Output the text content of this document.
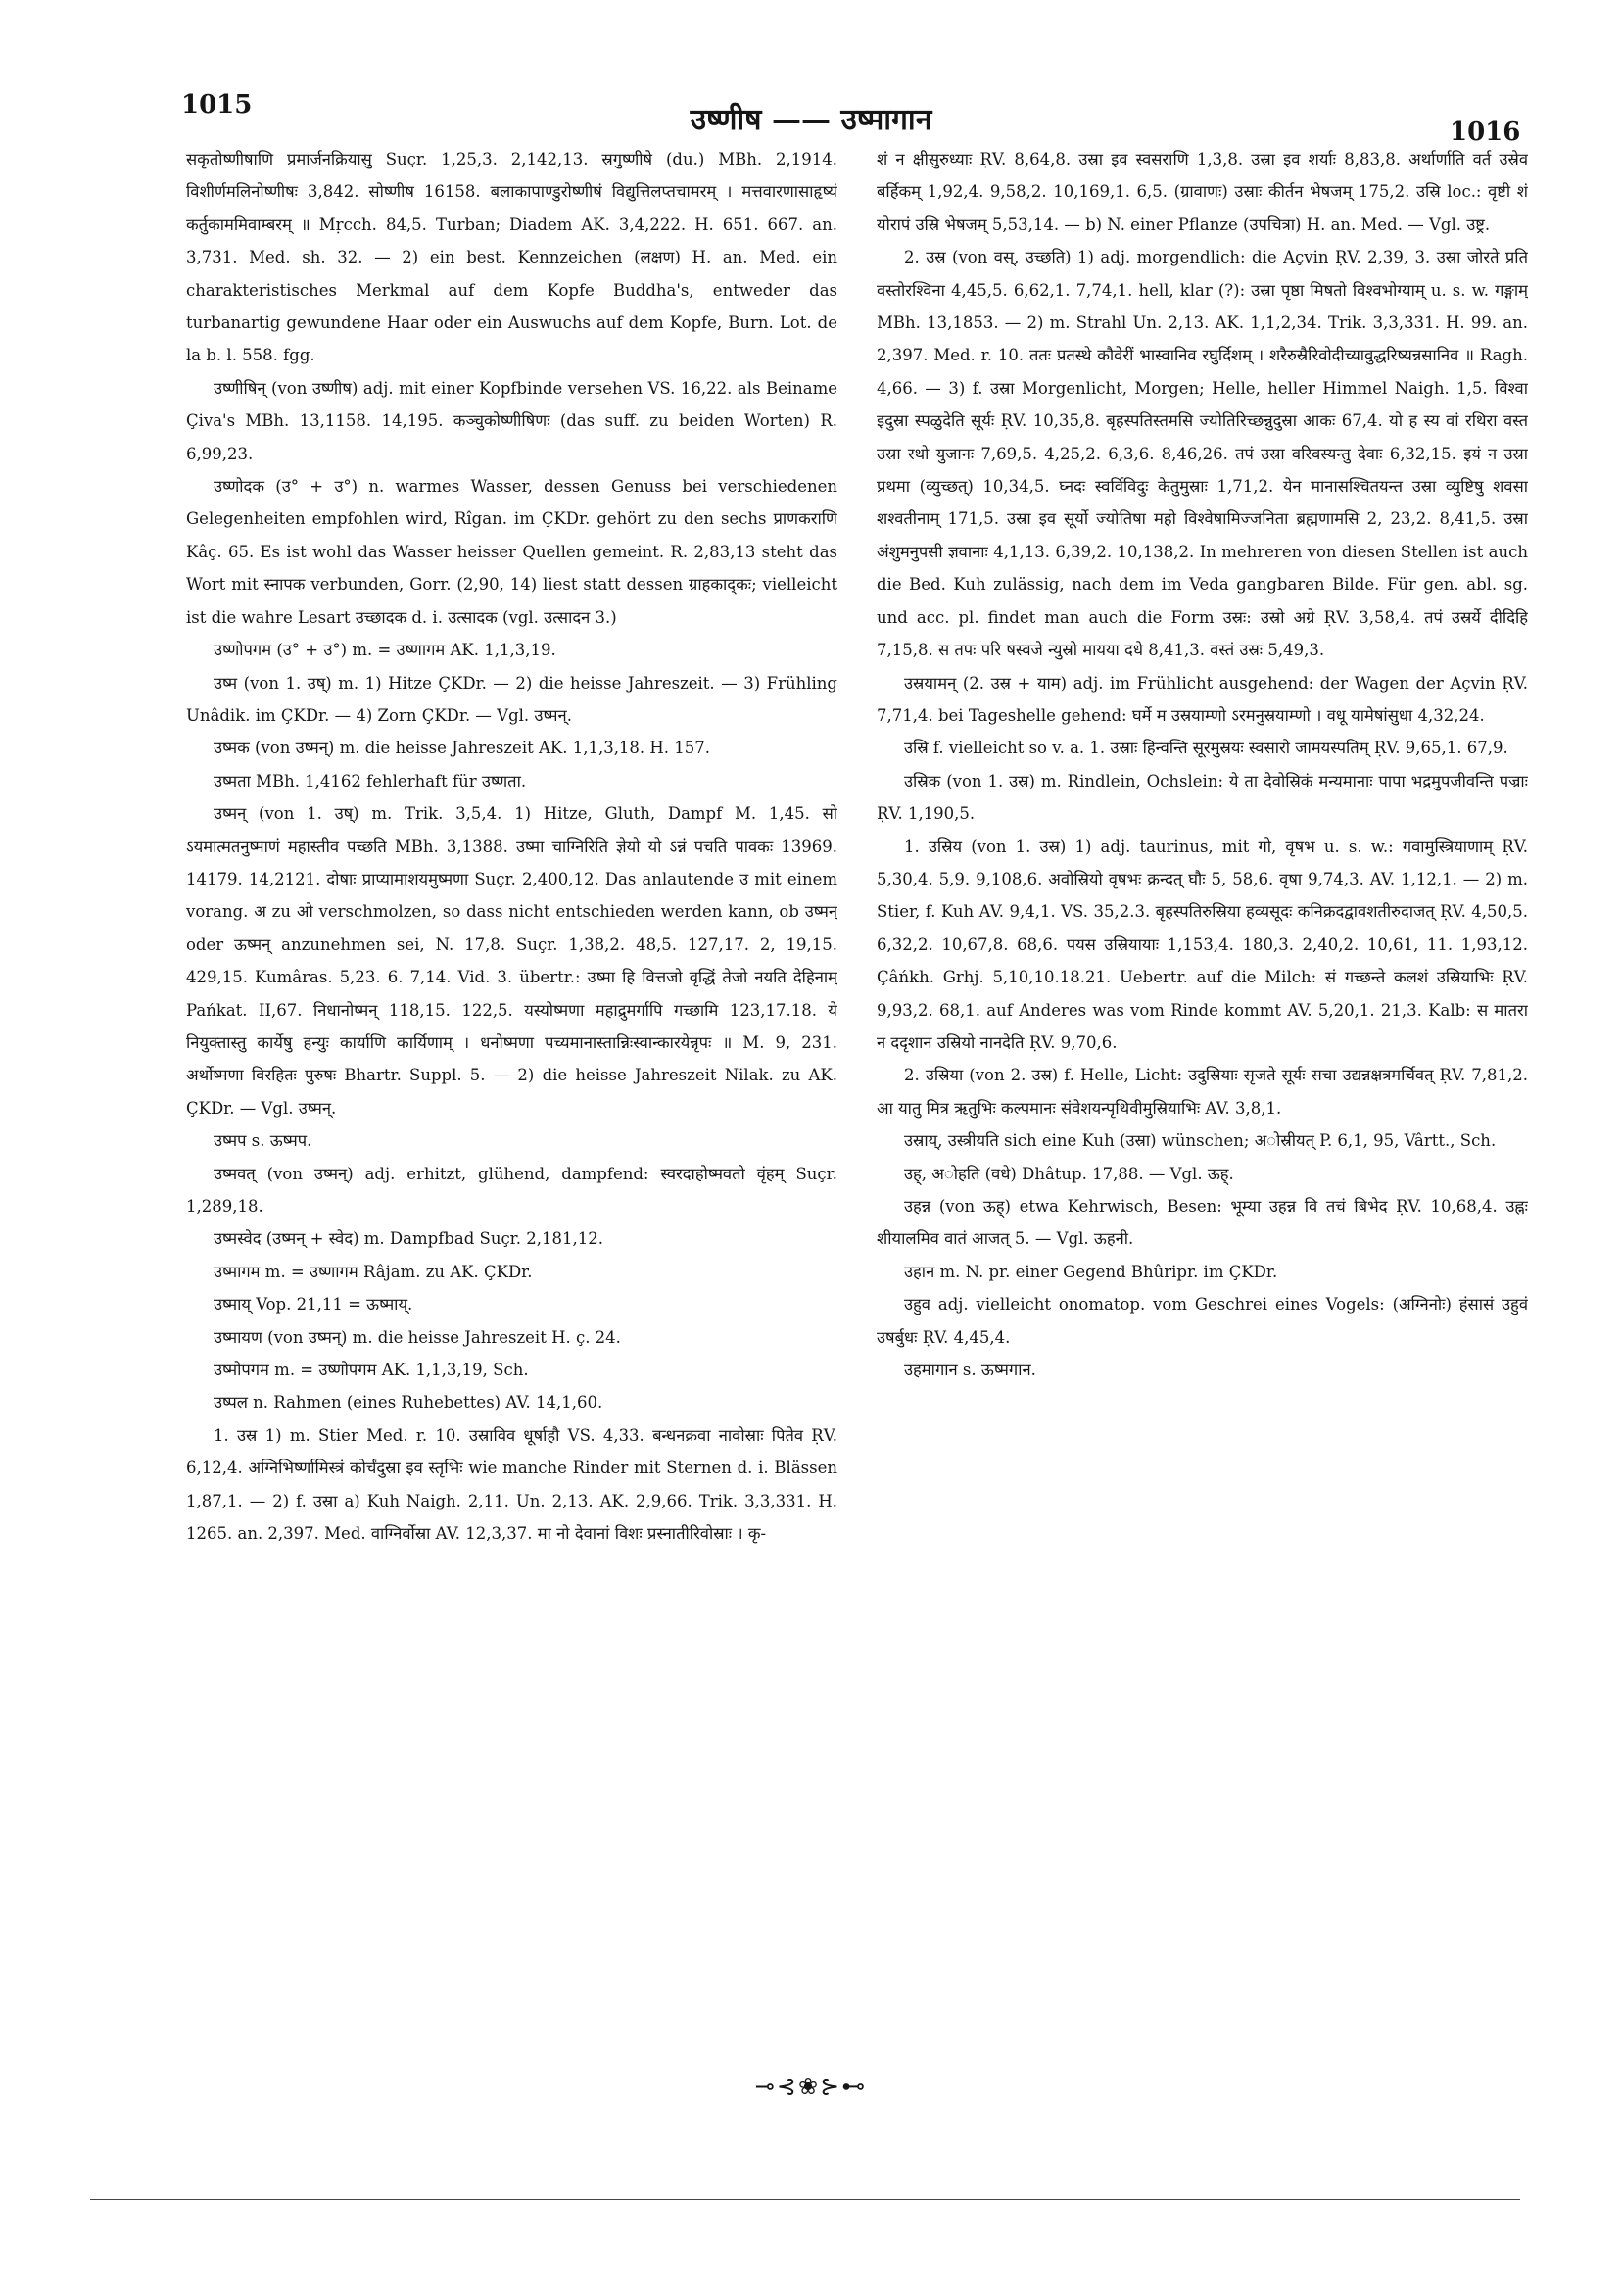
1015	उष्णीष —— उष्मागान	1016

सकृतोष्णीषाणि प्रमार्जनक्रियासु Suçr. 1,25,3. 2,142,13. स्रगुष्णीषे (du.) MBh. 2,1914. विशीर्णमलिनोष्णीषः 3,842. सोष्णीष 16158. बलाकापाण्डुरोष्णीषं विद्युत्तिलप्तचामरम् । मत्तवारणासाहृष्यं कर्तुकाममिवाम्बरम् ॥ Mṛcch. 84,5. Turban; Diadem AK. 3,4,222. H. 651. 667. an. 3,731. Med. sh. 32. — 2) ein best. Kennzeichen (लक्षण) H. an. Med. ein charakteristisches Merkmal auf dem Kopfe Buddha's, entweder das turbanartig gewundene Haar oder ein Auswuchs auf dem Kopfe, Burn. Lot. de la b. l. 558. fgg.

उष्णीषिन् (von उष्णीष) adj. mit einer Kopfbinde versehen VS. 16,22. als Beiname Çiva's MBh. 13,1158. 14,195. कञ्चुकोष्णीषिणः (das suff. zu beiden Worten) R. 6,99,23.

उष्णोदक (उ° + उ°) n. warmes Wasser, dessen Genuss bei verschiedenen Gelegenheiten empfohlen wird, Rîgan. im ÇKDr. gehört zu den sechs प्राणकराणि Kâç. 65. Es ist wohl das Wasser heisser Quellen gemeint. R. 2,83,13 steht das Wort mit स्नापक verbunden, Gorr. (2,90, 14) liest statt dessen ग्राहकाद्कः; vielleicht ist die wahre Lesart उच्छादक d. i. उत्सादक (vgl. उत्सादन 3.)

उष्णोपगम (उ° + उ°) m. = उष्णागम AK. 1,1,3,19.

उष्म (von 1. उष्) m. 1) Hitze ÇKDr. — 2) die heisse Jahreszeit. — 3) Frühling Unâdik. im ÇKDr. — 4) Zorn ÇKDr. — Vgl. उष्मन्.

उष्मक (von उष्मन्) m. die heisse Jahreszeit AK. 1,1,3,18. H. 157.

उष्मता MBh. 1,4162 fehlerhaft für उष्णता.

उष्मन् (von 1. उष्) m. Trik. 3,5,4. 1) Hitze, Gluth, Dampf M. 1,45. सो ऽयमात्मतनुष्माणं महास्तीव पच्छति MBh. 3,1388. उष्मा चाग्निरिति ज्ञेयो यो ऽन्नं पचति पावकः 13969. 14179. 14,2121. दोषाः प्राप्यामाशयमुष्मणा Suçr. 2,400,12. Das anlautende उ mit einem vorang. अ zu ओ verschmolzen, so dass nicht entschieden werden kann, ob उष्मन् oder ऊष्मन् anzunehmen sei, N. 17,8. Suçr. 1,38,2. 48,5. 127,17. 2, 19,15. 429,15. Kumâras. 5,23. 6. 7,14. Vid. 3. übertr.: उष्मा हि वित्तजो वृद्धिं तेजो नयति देहिनाम् Pańkat. II,67. निधानोष्मन् 118,15. 122,5. यस्योष्मणा महाद्रुमर्गापि गच्छामि 123,17.18. ये नियुक्तास्तु कार्येषु हन्युः कार्याणि कार्यिणाम् । धनोष्मणा पच्यमानास्तान्निःस्वान्कारयेन्नृपः ॥ M. 9, 231. अर्थोष्मणा विरहितः पुरुषः Bhartr. Suppl. 5. — 2) die heisse Jahreszeit Nilak. zu AK. ÇKDr. — Vgl. उष्मन्.

उष्मप s. ऊष्मप.

उष्मवत् (von उष्मन्) adj. erhitzt, glühend, dampfend: स्वरदाहोष्मवतो वृंहम् Suçr. 1,289,18.

उष्मस्वेद (उष्मन् + स्वेद) m. Dampfbad Suçr. 2,181,12.

उष्मागम m. = उष्णागम Râjam. zu AK. ÇKDr.

उष्माय् Vop. 21,11 = ऊष्माय्.

उष्मायण (von उष्मन्) m. die heisse Jahreszeit H. ç. 24.

उष्मोपगम m. = उष्णोपगम AK. 1,1,3,19, Sch.

उष्पल n. Rahmen (eines Ruhebettes) AV. 14,1,60.

1. उस्र 1) m. Stier Med. r. 10. उस्राविव धूर्षाहौ VS. 4,33. बन्धनक्रवा नावोस्राः पितेव ṚV. 6,12,4. अग्निभिर्ष्णामिस्त्रं कोर्चंदुस्रा इव स्तृभिः wie manche Rinder mit Sternen d. i. Blässen 1,87,1. — 2) f. उस्रा a) Kuh Naigh. 2,11. Un. 2,13. AK. 2,9,66. Trik. 3,3,331. H. 1265. an. 2,397. Med. वाग्निर्वोस्रा AV. 12,3,37. मा नो देवानां विशः प्रस्नातीरिवोस्राः । कृ-

शं न क्षीसुरुध्याः ṚV. 8,64,8. उस्रा इव स्वसराणि 1,3,8. उस्रा इव शर्याः 8,83,8. अर्थार्णाति वर्त उस्रेव बर्हिकम् 1,92,4. 9,58,2. 10,169,1. 6,5. (ग्रावाणः) उस्राः कीर्तन भेषजम् 175,2. उस्रि loc.: वृष्टी शं योरापं उस्रि भेषजम् 5,53,14. — b) N. einer Pflanze (उपचित्रा) H. an. Med. — Vgl. उष्ट्र.

2. उस्र (von वस्, उच्छति) 1) adj. morgendlich: die Açvin ṚV. 2,39, 3. उस्रा जोरते प्रति वस्तोरश्विना 4,45,5. 6,62,1. 7,74,1. hell, klar (?): उस्रा पृष्ठा मिषतो विश्वभोग्याम् u. s. w. गङ्गाम् MBh. 13,1853. — 2) m. Strahl Un. 2,13. AK. 1,1,2,34. Trik. 3,3,331. H. 99. an. 2,397. Med. r. 10. ततः प्रतस्थे कौवेरीं भास्वानिव रघुर्दिशम् । शरैरुस्रैरिवोदीच्यावुद्धरिष्यन्नसानिव ॥ Ragh. 4,66. — 3) f. उस्रा Morgenlicht, Morgen; Helle, heller Himmel Naigh. 1,5. विश्वा इदुस्रा स्पळुदेति सूर्यः ṚV. 10,35,8. बृहस्पतिस्तमसि ज्योतिरिच्छन्नुदुस्रा आकः 67,4. यो ह स्य वां रथिरा वस्त उस्रा रथो युजानः 7,69,5. 4,25,2. 6,3,6. 8,46,26. तपं उस्रा वरिवस्यन्तु देवाः 6,32,15. इयं न उस्रा प्रथमा (व्युच्छत्) 10,34,5. घ्नदः स्वर्विविदुः केतुमुस्राः 1,71,2. येन मानासश्चितयन्त उस्रा व्युष्टिषु शवसा शश्वतीनाम् 171,5. उस्रा इव सूर्यो ज्योतिषा महो विश्वेषामिज्जनिता ब्रह्मणामसि 2, 23,2. 8,41,5. उस्रा अंशुमनुपसी ज्ञवानाः 4,1,13. 6,39,2. 10,138,2. In mehreren von diesen Stellen ist auch die Bed. Kuh zulässig, nach dem im Veda gangbaren Bilde. Für gen. abl. sg. und acc. pl. findet man auch die Form उस्रः: उस्रो अग्रे ṚV. 3,58,4. तपं उस्रर्ये दीदिहि 7,15,8. स तपः परि षस्वजे न्युस्रो मायया दधे 8,41,3. वस्तं उस्रः 5,49,3.

उस्रयामन् (2. उस्र + याम) adj. im Frühlicht ausgehend: der Wagen der Açvin ṚV. 7,71,4. bei Tageshelle gehend: घर्मे म उस्रयाम्णो ऽरमनुस्रयाम्णो । वधू यामेषांसुधा 4,32,24.

उस्रि f. vielleicht so v. a. 1. उस्राः हिन्वन्ति सूरमुस्रयः स्वसारो जामयस्पतिम् ṚV. 9,65,1. 67,9.

उस्रिक (von 1. उस्र) m. Rindlein, Ochslein: ये ता देवोस्रिकं मन्यमानाः पापा भद्रमुपजीवन्ति पज्राः ṚV. 1,190,5.

1. उस्रिय (von 1. उस्र) 1) adj. taurinus, mit गो, वृषभ u. s. w.: गवामुस्त्रियाणाम् ṚV. 5,30,4. 5,9. 9,108,6. अवोस्रियो वृषभः क्रन्दत् घौः 5, 58,6. वृषा 9,74,3. AV. 1,12,1. — 2) m. Stier, f. Kuh AV. 9,4,1. VS. 35,2.3. बृहस्पतिरुस्रिया हव्यसूदः कनिक्रदद्वावशतीरुदाजत् ṚV. 4,50,5. 6,32,2. 10,67,8. 68,6. पयस उस्रियायाः 1,153,4. 180,3. 2,40,2. 10,61, 11. 1,93,12. Çâńkh. Grhj. 5,10,10.18.21. Uebertr. auf die Milch: सं गच्छन्ते कलशं उस्रियाभिः ṚV. 9,93,2. 68,1. auf Anderes was vom Rinde kommt AV. 5,20,1. 21,3. Kalb: स मातरा न ददृशान उस्रियो नानदेति ṚV. 9,70,6.

2. उस्रिया (von 2. उस्र) f. Helle, Licht: उदुस्रियाः सृजते सूर्यः सचा उद्यन्नक्षत्रमर्चिवत् ṚV. 7,81,2. आ यातु मित्र ऋतुभिः कल्पमानः संवेशयन्पृथिवीमुस्रियाभिः AV. 3,8,1.

उस्राय्, उस्त्रीयति sich eine Kuh (उस्रा) wünschen; अोस्रीयत् P. 6,1, 95, Vârtt., Sch.

उह्, अोहति (वधे) Dhâtup. 17,88. — Vgl. ऊह्.

उहन्न (von ऊह्) etwa Kehrwisch, Besen: भूम्या उहन्न वि तचं बिभेद ṚV. 10,68,4. उह्नः शीयालमिव वातं आजत् 5. — Vgl. ऊहनी.

उहान m. N. pr. einer Gegend Bhûripr. im ÇKDr.

उहुव adj. vielleicht onomatop. vom Geschrei eines Vogels: (अग्निनोः) हंसासं उहुवं उषर्बुधः ṚV. 4,45,4.

उहमागान s. ऊष्मगान.

⊸⊰❀⊱⊷
